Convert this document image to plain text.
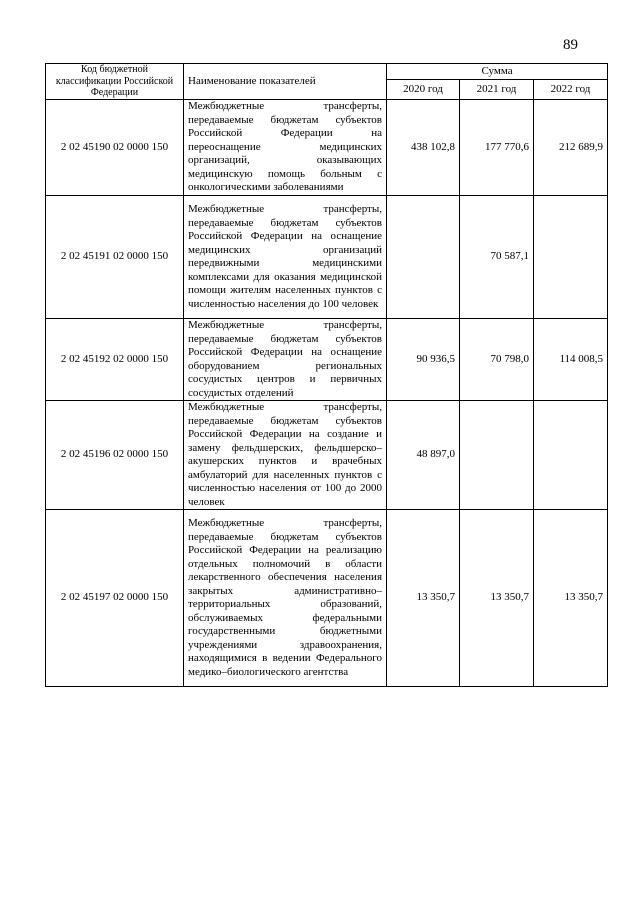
89
Код бюджетной классификации Российской Федерации	Наименование показателей	Сумма		
		2020 год	2021 год	2022 год
2 02 45190 02 0000 150	Межбюджетные трансферты, передаваемые бюджетам субъектов Российской Федерации на переоснащение медицинских организаций, оказывающих медицинскую помощь больным с онкологическими заболеваниями	438 102,8	177 770,6	212 689,9
2 02 45191 02 0000 150	Межбюджетные трансферты, передаваемые бюджетам субъектов Российской Федерации на оснащение медицинских организаций передвижными медицинскими комплексами для оказания медицинской помощи жителям населенных пунктов с численностью населения до 100 человек		70 587,1	
2 02 45192 02 0000 150	Межбюджетные трансферты, передаваемые бюджетам субъектов Российской Федерации на оснащение оборудованием региональных сосудистых центров и первичных сосудистых отделений	90 936,5	70 798,0	114 008,5
2 02 45196 02 0000 150	Межбюджетные трансферты, передаваемые бюджетам субъектов Российской Федерации на создание и замену фельдшерских, фельдшерско–акушерских пунктов и врачебных амбулаторий для населенных пунктов с численностью населения от 100 до 2000 человек	48 897,0		
2 02 45197 02 0000 150	Межбюджетные трансферты, передаваемые бюджетам субъектов Российской Федерации на реализацию отдельных полномочий в области лекарственного обеспечения населения закрытых административно–территориальных образований, обслуживаемых федеральными государственными бюджетными учреждениями здравоохранения, находящимися в ведении Федерального медико–биологического агентства	13 350,7	13 350,7	13 350,7
